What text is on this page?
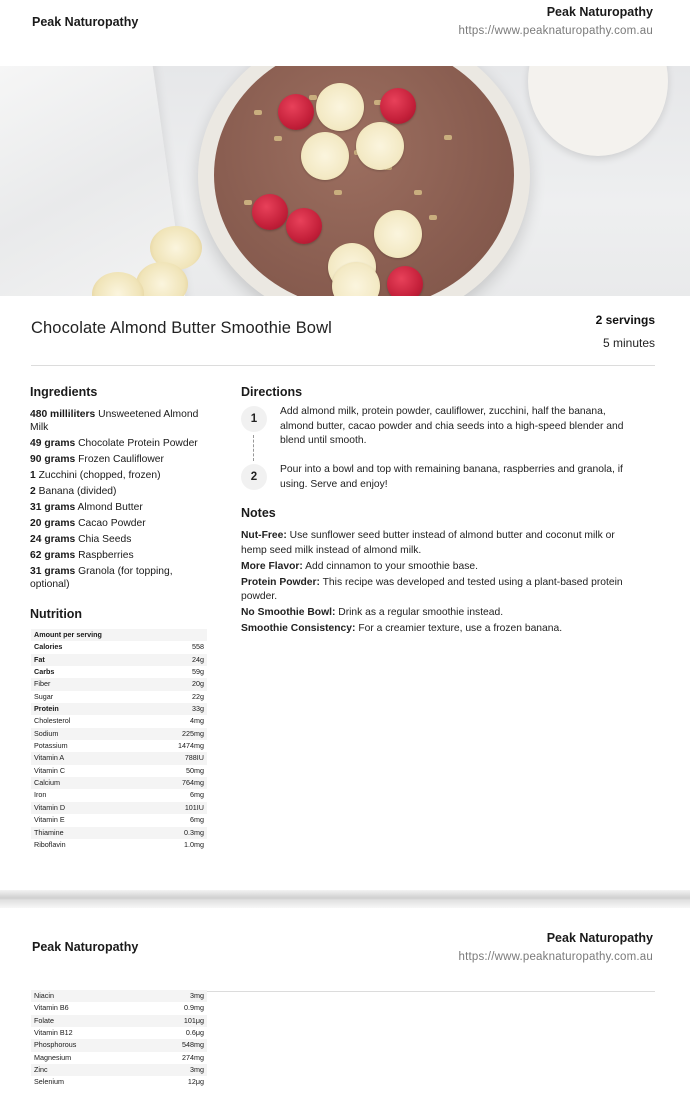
Peak Naturopathy
Peak Naturopathy
https://www.peaknaturopathy.com.au
Chocolate Almond Butter Smoothie Bowl	2 servings
5 minutes
Ingredients
480 milliliters Unsweetened Almond Milk
49 grams Chocolate Protein Powder
90 grams Frozen Cauliflower
1 Zucchini (chopped, frozen)
2 Banana (divided)
31 grams Almond Butter
20 grams Cacao Powder
24 grams Chia Seeds
62 grams Raspberries
31 grams Granola (for topping, optional)
Nutrition
Amount per serving
Calories	558
Fat	24g
Carbs	59g
Fiber	20g
Sugar	22g
Protein	33g
Cholesterol	4mg
Sodium	225mg
Potassium	1474mg
Vitamin A	788IU
Vitamin C	50mg
Calcium	764mg
Iron	6mg
Vitamin D	101IU
Vitamin E	6mg
Thiamine	0.3mg
Riboflavin	1.0mg
Directions
1
Add almond milk, protein powder, cauliflower, zucchini, half the banana, almond butter, cacao powder and chia seeds into a high-speed blender and blend until smooth.
2
Pour into a bowl and top with remaining banana, raspberries and granola, if using. Serve and enjoy!
Notes

Nut-Free: Use sunflower seed butter instead of almond butter and coconut milk or hemp seed milk instead of almond milk.

More Flavor: Add cinnamon to your smoothie base.

Protein Powder: This recipe was developed and tested using a plant-based protein powder.

No Smoothie Bowl: Drink as a regular smoothie instead.

Smoothie Consistency: For a creamier texture, use a frozen banana.

Peak Naturopathy
Peak Naturopathy
https://www.peaknaturopathy.com.au
Niacin	3mg
Vitamin B6	0.9mg
Folate	101μg
Vitamin B12	0.6μg
Phosphorous	548mg
Magnesium	274mg
Zinc	3mg
Selenium	12μg
